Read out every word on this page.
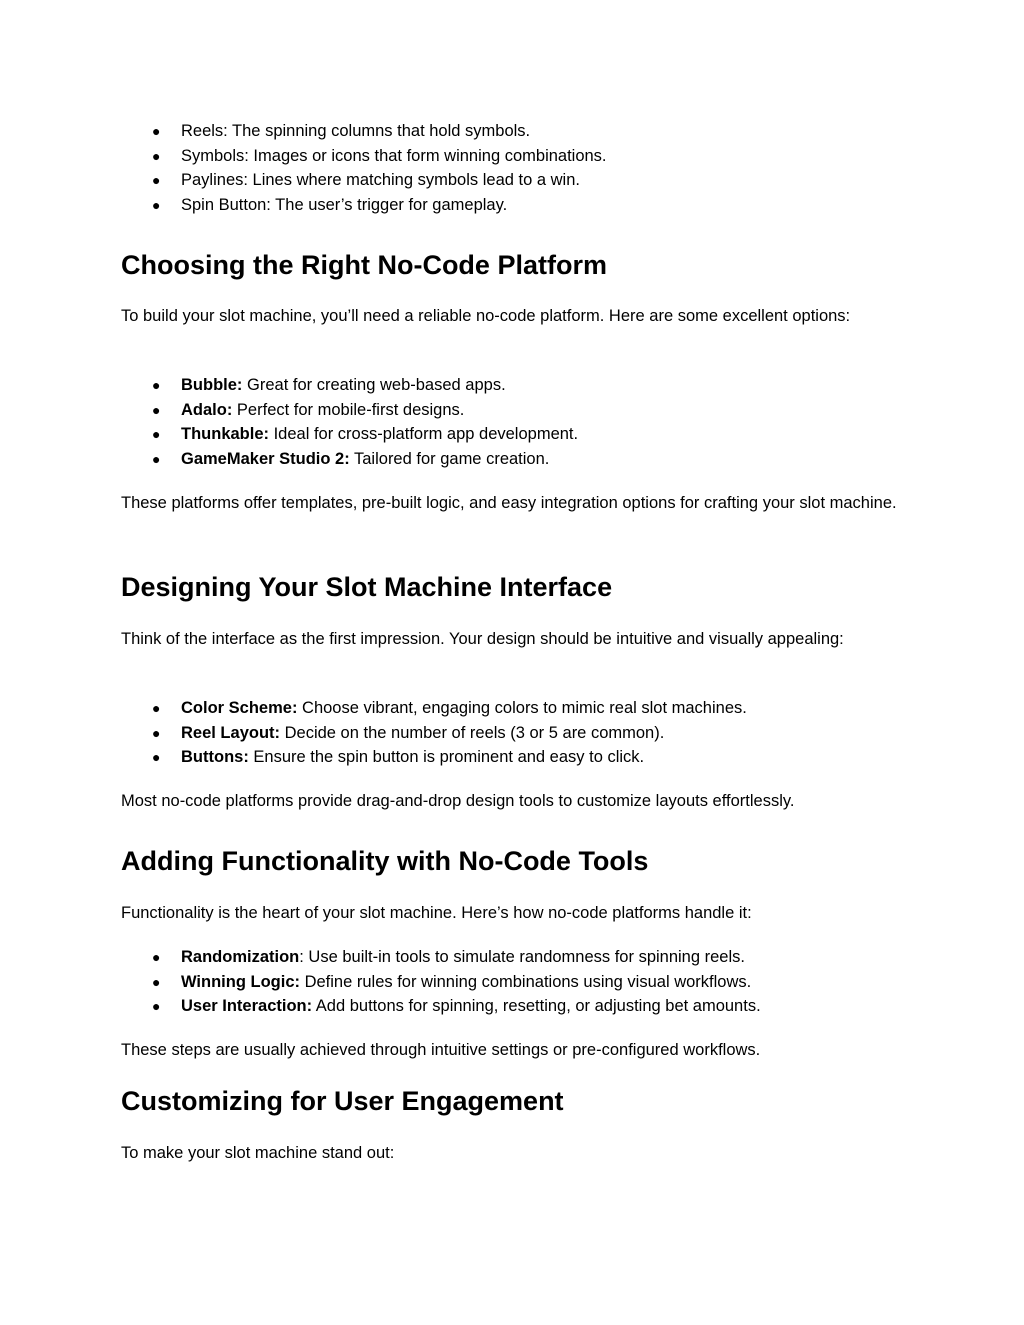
● Reels: The spinning columns that hold symbols.
● Symbols: Images or icons that form winning combinations.
● Paylines: Lines where matching symbols lead to a win.
● Spin Button: The user’s trigger for gameplay.
Choosing the Right No-Code Platform

To build your slot machine, you’ll need a reliable no-code platform. Here are some excellent options:

● Bubble: Great for creating web-based apps.
● Adalo: Perfect for mobile-first designs.
● Thunkable: Ideal for cross-platform app development.
● GameMaker Studio 2: Tailored for game creation.

These platforms offer templates, pre-built logic, and easy integration options for crafting your slot machine.

Designing Your Slot Machine Interface

Think of the interface as the first impression. Your design should be intuitive and visually appealing:

● Color Scheme: Choose vibrant, engaging colors to mimic real slot machines.
● Reel Layout: Decide on the number of reels (3 or 5 are common).
● Buttons: Ensure the spin button is prominent and easy to click.

Most no-code platforms provide drag-and-drop design tools to customize layouts effortlessly.

Adding Functionality with No-Code Tools

Functionality is the heart of your slot machine. Here’s how no-code platforms handle it:

● Randomization: Use built-in tools to simulate randomness for spinning reels.
● Winning Logic: Define rules for winning combinations using visual workflows.
● User Interaction: Add buttons for spinning, resetting, or adjusting bet amounts.

These steps are usually achieved through intuitive settings or pre-configured workflows.

Customizing for User Engagement

To make your slot machine stand out:
